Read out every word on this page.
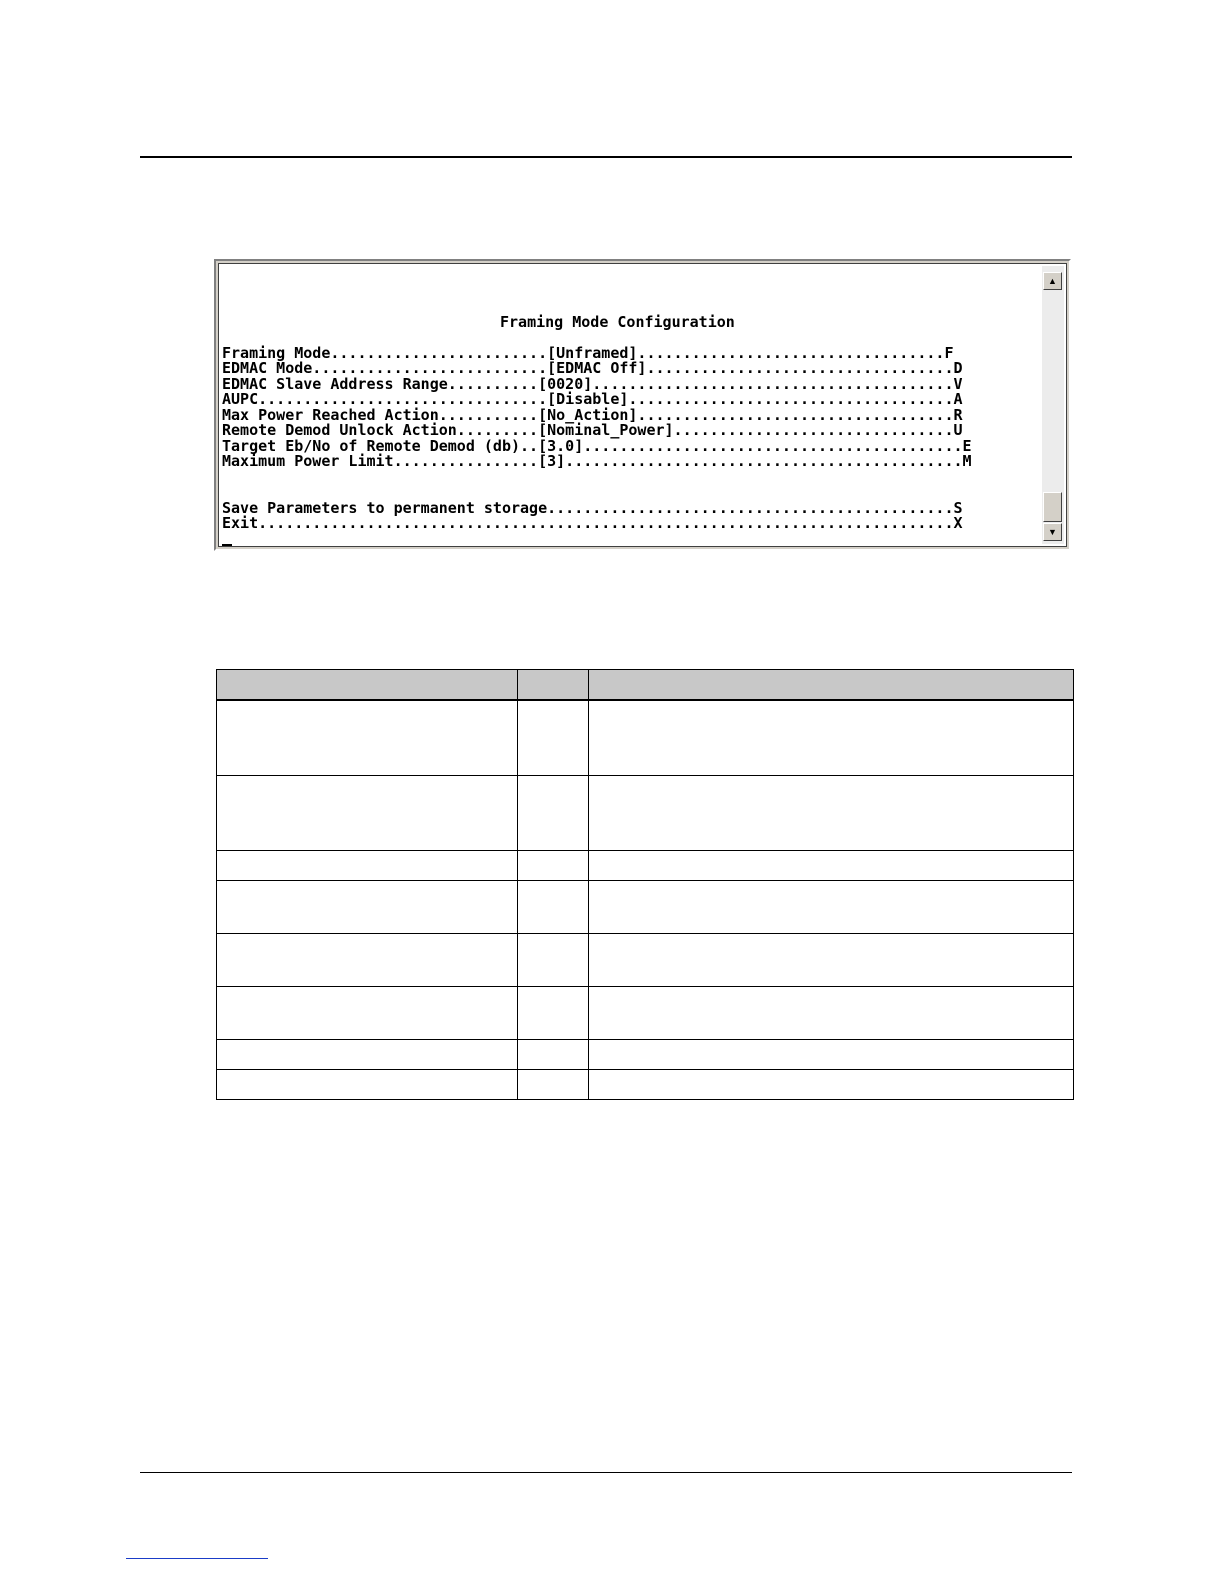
Framing Mode Configuration
Framing Mode........................[Unframed]..................................F
EDMAC Mode..........................[EDMAC Off]..................................D
EDMAC Slave Address Range..........[0020]........................................V
AUPC................................[Disable]....................................A
Max Power Reached Action...........[No_Action]...................................R
Remote Demod Unlock Action.........[Nominal_Power]...............................U
Target Eb/No of Remote Demod (db)..[3.0]..........................................E
Maximum Power Limit................[3]............................................M
Save Parameters to permanent storage.............................................S
Exit.............................................................................X
▲
▼
